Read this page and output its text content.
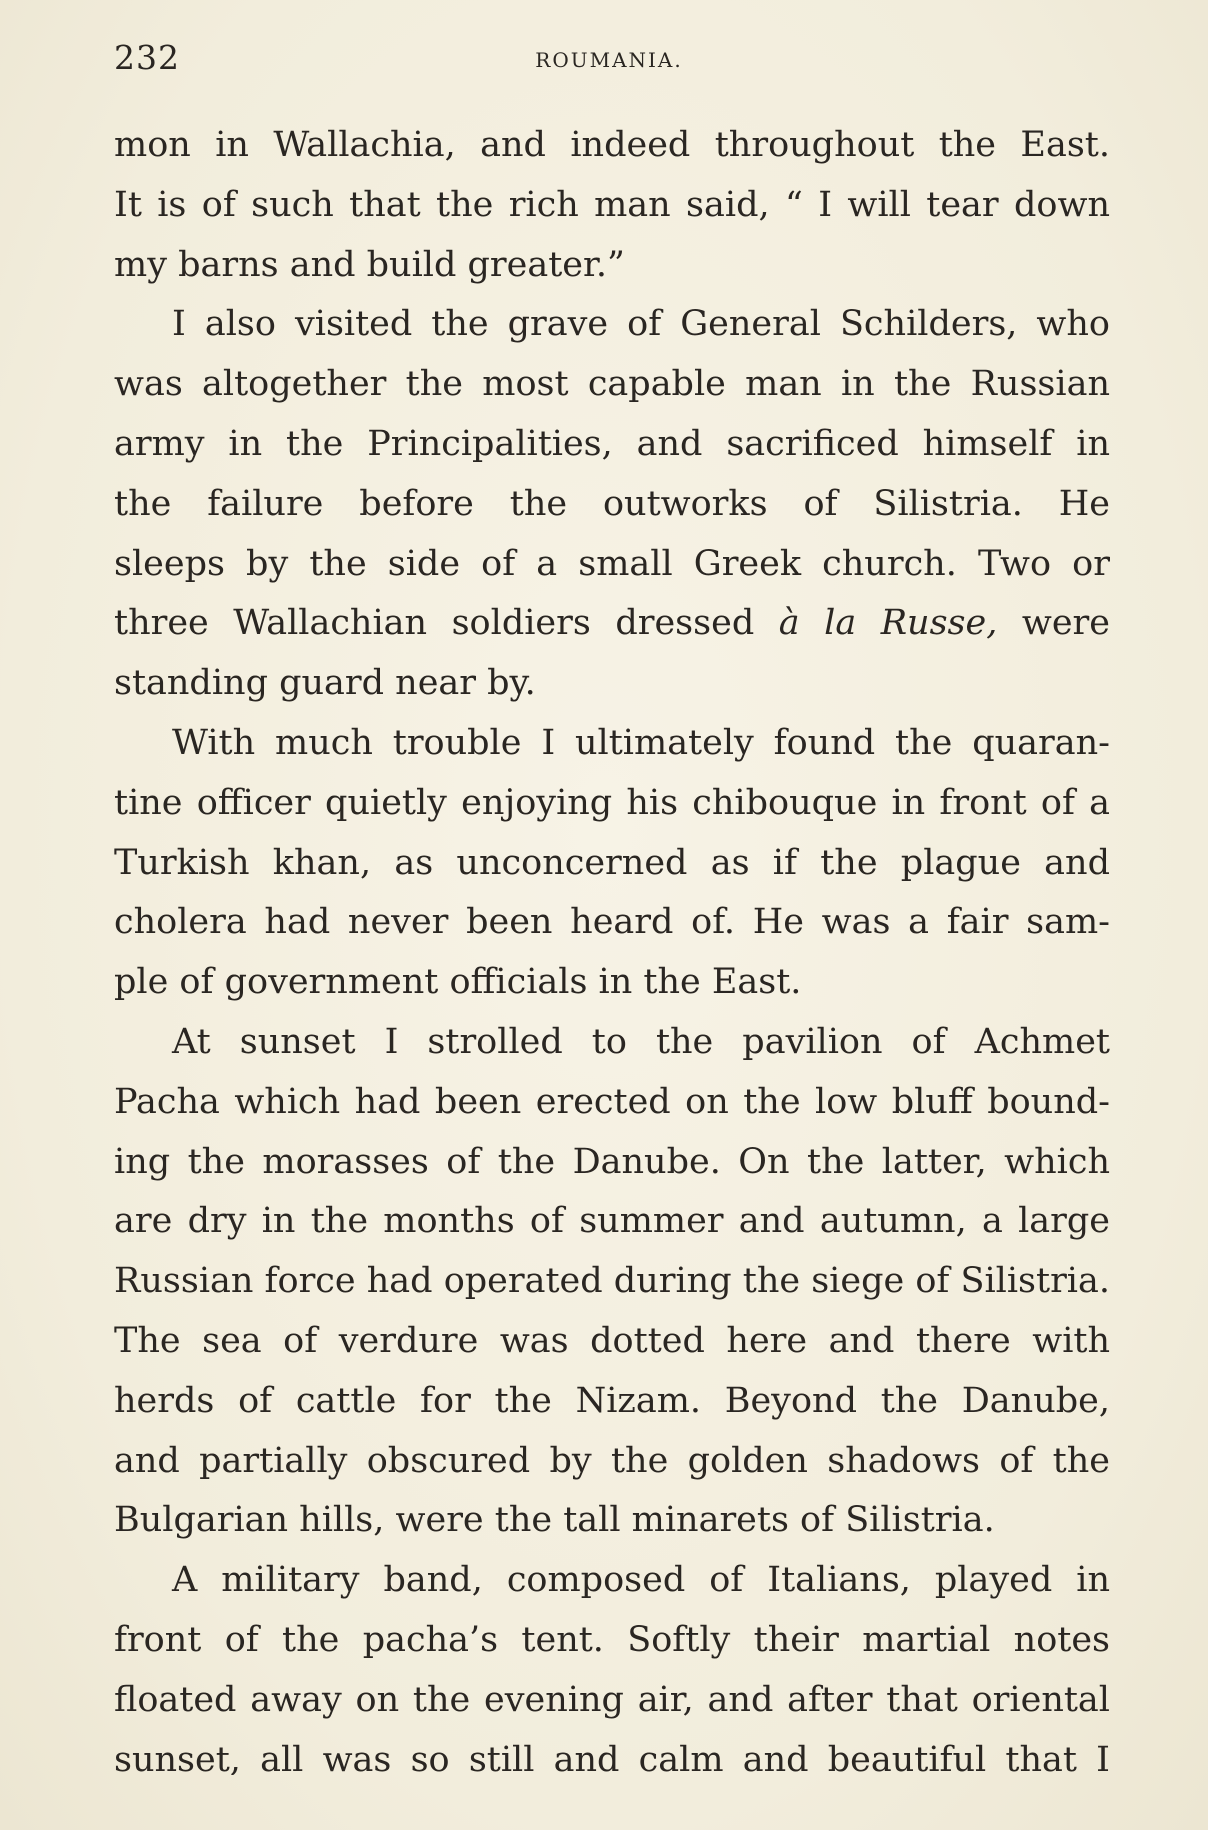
232	ROUMANIA.
mon in Wallachia, and indeed throughout the East.
It is of such that the rich man said, “ I will tear down
my barns and build greater.”
I also visited the grave of General Schilders, who
was altogether the most capable man in the Russian
army in the Principalities, and sacrificed himself in
the failure before the outworks of Silistria. He
sleeps by the side of a small Greek church. Two or
three Wallachian soldiers dressed à la Russe, were
standing guard near by.
With much trouble I ultimately found the quaran-
tine officer quietly enjoying his chibouque in front of a
Turkish khan, as unconcerned as if the plague and
cholera had never been heard of. He was a fair sam-
ple of government officials in the East.
At sunset I strolled to the pavilion of Achmet
Pacha which had been erected on the low bluff bound-
ing the morasses of the Danube. On the latter, which
are dry in the months of summer and autumn, a large
Russian force had operated during the siege of Silistria.
The sea of verdure was dotted here and there with
herds of cattle for the Nizam. Beyond the Danube,
and partially obscured by the golden shadows of the
Bulgarian hills, were the tall minarets of Silistria.
A military band, composed of Italians, played in
front of the pacha’s tent. Softly their martial notes
floated away on the evening air, and after that oriental
sunset, all was so still and calm and beautiful that I
